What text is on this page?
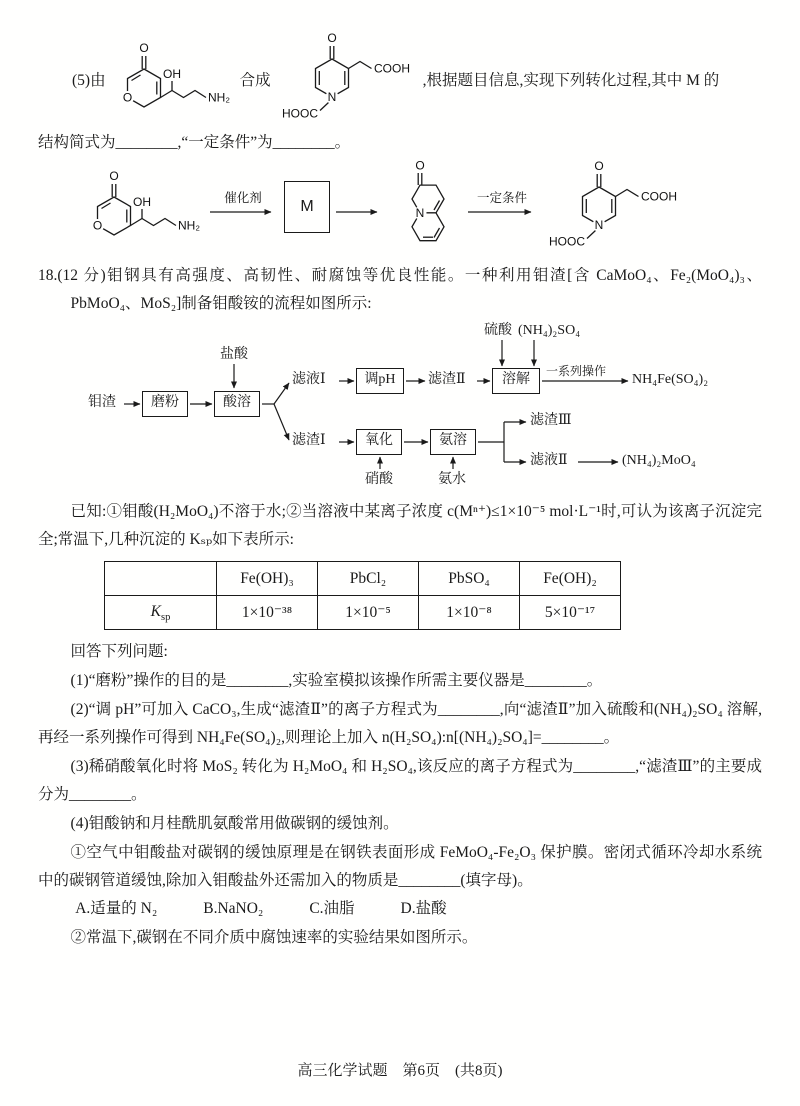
(5)由
O
O
OH
NH₂
合成
N
O
COOH
HOOC
,根据题目信息,实现下列转化过程,其中 M 的

结构简式为________,“一定条件”为________。

O
O
OH
NH₂
催化剂 M	N
O
一定条件
N
O
COOH
HOOC

18.(12 分)钼钢具有高强度、高韧性、耐腐蚀等优良性能。一种利用钼渣[含 CaMoO₄、Fe₂(MoO₄)₃、PbMoO₄、MoS₂]制备钼酸铵的流程如图所示:

钼渣	磨粉	酸溶
盐酸
滤液Ⅰ	调pH	滤渣Ⅱ	溶解
硫酸 (NH₄)₂SO₄
一系列操作
NH₄Fe(SO₄)₂
滤渣Ⅰ	氧化	氨溶
硝酸	氨水
滤渣Ⅲ
滤液Ⅱ	(NH₄)₂MoO₄

已知:①钼酸(H₂MoO₄)不溶于水;②当溶液中某离子浓度 c(Mⁿ⁺)≤1×10⁻⁵ mol·L⁻¹时,可认为该离子沉淀完全;常温下,几种沉淀的 Kₛₚ如下表所示:

	Fe(OH)₃	PbCl₂	PbSO₄	Fe(OH)₂
$K_{sp}$	1×10⁻³⁸	1×10⁻⁵	1×10⁻⁸	5×10⁻¹⁷

回答下列问题:

(1)“磨粉”操作的目的是________,实验室模拟该操作所需主要仪器是________。

(2)“调 pH”可加入 CaCO₃,生成“滤渣Ⅱ”的离子方程式为________,向“滤渣Ⅱ”加入硫酸和(NH₄)₂SO₄ 溶解,再经一系列操作可得到 NH₄Fe(SO₄)₂,则理论上加入 n(H₂SO₄):n[(NH₄)₂SO₄]=________。

(3)稀硝酸氧化时将 MoS₂ 转化为 H₂MoO₄ 和 H₂SO₄,该反应的离子方程式为________,“滤渣Ⅲ”的主要成分为________。

(4)钼酸钠和月桂酰肌氨酸常用做碳钢的缓蚀剂。

①空气中钼酸盐对碳钢的缓蚀原理是在钢铁表面形成 FeMoO₄-Fe₂O₃ 保护膜。密闭式循环冷却水系统中的碳钢管道缓蚀,除加入钼酸盐外还需加入的物质是________(填字母)。

A.适量的 N₂	B.NaNO₂	C.油脂	D.盐酸

②常温下,碳钢在不同介质中腐蚀速率的实验结果如图所示。

高三化学试题　第6页　(共8页)
